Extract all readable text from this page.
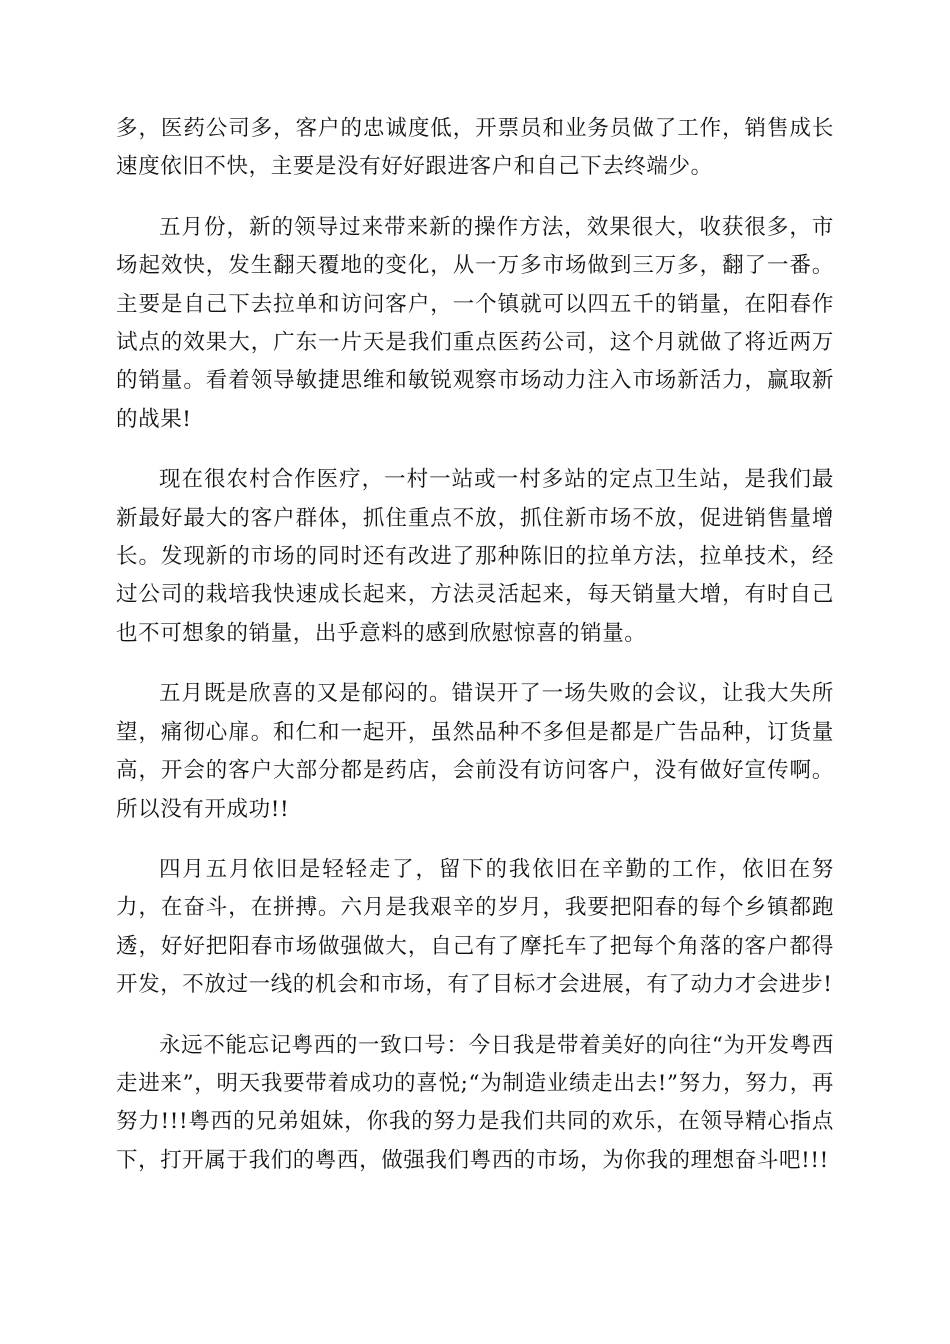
多，医药公司多，客户的忠诚度低，开票员和业务员做了工作，销售成长速度依旧不快，主要是没有好好跟进客户和自己下去终端少。

五月份，新的领导过来带来新的操作方法，效果很大，收获很多，市场起效快，发生翻天覆地的变化，从一万多市场做到三万多，翻了一番。主要是自己下去拉单和访问客户，一个镇就可以四五千的销量，在阳春作试点的效果大，广东一片天是我们重点医药公司，这个月就做了将近两万的销量。看着领导敏捷思维和敏锐观察市场动力注入市场新活力，赢取新的战果!

现在很农村合作医疗，一村一站或一村多站的定点卫生站，是我们最新最好最大的客户群体，抓住重点不放，抓住新市场不放，促进销售量增长。发现新的市场的同时还有改进了那种陈旧的拉单方法，拉单技术，经过公司的栽培我快速成长起来，方法灵活起来，每天销量大增，有时自己也不可想象的销量，出乎意料的感到欣慰惊喜的销量。

五月既是欣喜的又是郁闷的。错误开了一场失败的会议，让我大失所望，痛彻心扉。和仁和一起开，虽然品种不多但是都是广告品种，订货量高，开会的客户大部分都是药店，会前没有访问客户，没有做好宣传啊。所以没有开成功!!

四月五月依旧是轻轻走了，留下的我依旧在辛勤的工作，依旧在努力，在奋斗，在拼搏。六月是我艰辛的岁月，我要把阳春的每个乡镇都跑透，好好把阳春市场做强做大，自己有了摩托车了把每个角落的客户都得开发，不放过一线的机会和市场，有了目标才会进展，有了动力才会进步!

永远不能忘记粤西的一致口号：今日我是带着美好的向往“为开发粤西走进来”，明天我要带着成功的喜悦;“为制造业绩走出去!”努力，努力，再努力!!!粤西的兄弟姐妹，你我的努力是我们共同的欢乐，在领导精心指点下，打开属于我们的粤西，做强我们粤西的市场，为你我的理想奋斗吧!!!
